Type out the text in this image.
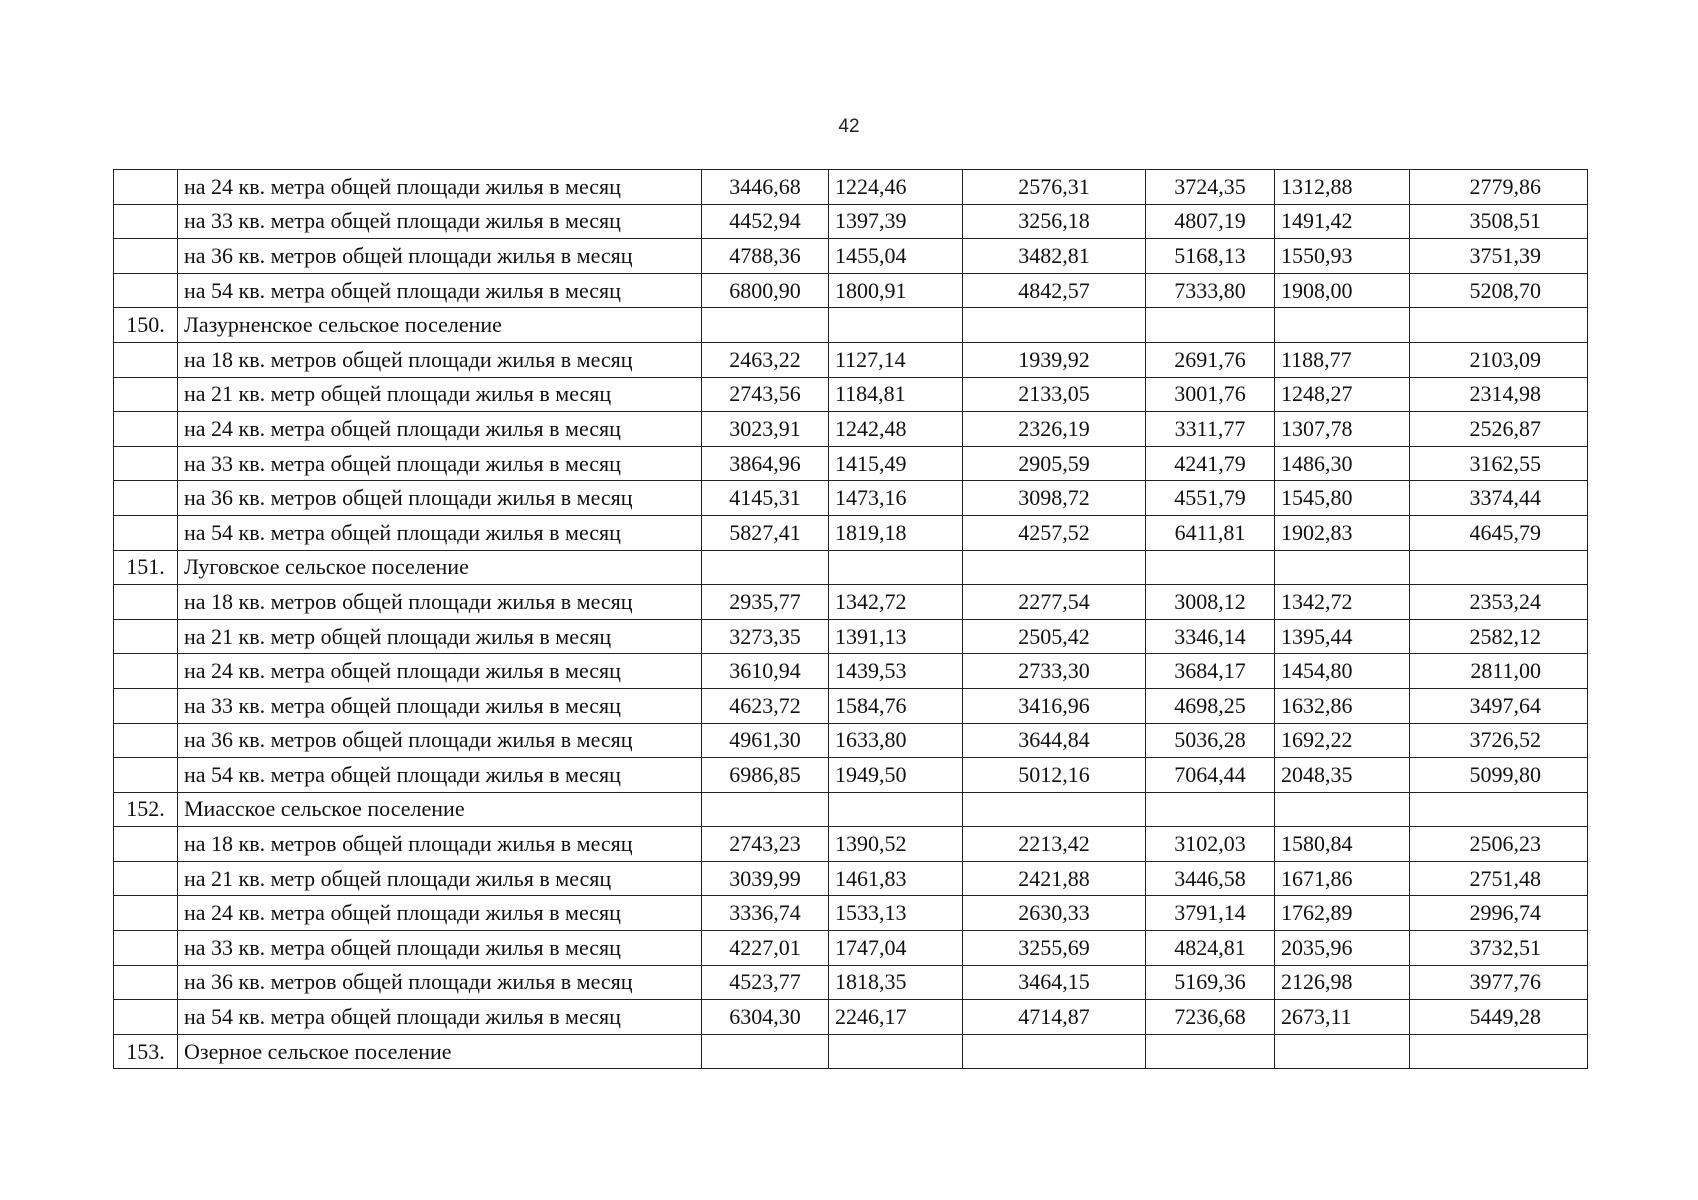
42
	на 24 кв. метра общей площади жилья в месяц	3446,68	1224,46	2576,31	3724,35	1312,88	2779,86
	на 33 кв. метра общей площади жилья в месяц	4452,94	1397,39	3256,18	4807,19	1491,42	3508,51
	на 36 кв. метров общей площади жилья в месяц	4788,36	1455,04	3482,81	5168,13	1550,93	3751,39
	на 54 кв. метра общей площади жилья в месяц	6800,90	1800,91	4842,57	7333,80	1908,00	5208,70
150.	Лазурненское сельское поселение						
	на 18 кв. метров общей площади жилья в месяц	2463,22	1127,14	1939,92	2691,76	1188,77	2103,09
	на 21 кв. метр общей площади жилья в месяц	2743,56	1184,81	2133,05	3001,76	1248,27	2314,98
	на 24 кв. метра общей площади жилья в месяц	3023,91	1242,48	2326,19	3311,77	1307,78	2526,87
	на 33 кв. метра общей площади жилья в месяц	3864,96	1415,49	2905,59	4241,79	1486,30	3162,55
	на 36 кв. метров общей площади жилья в месяц	4145,31	1473,16	3098,72	4551,79	1545,80	3374,44
	на 54 кв. метра общей площади жилья в месяц	5827,41	1819,18	4257,52	6411,81	1902,83	4645,79
151.	Луговское сельское поселение						
	на 18 кв. метров общей площади жилья в месяц	2935,77	1342,72	2277,54	3008,12	1342,72	2353,24
	на 21 кв. метр общей площади жилья в месяц	3273,35	1391,13	2505,42	3346,14	1395,44	2582,12
	на 24 кв. метра общей площади жилья в месяц	3610,94	1439,53	2733,30	3684,17	1454,80	2811,00
	на 33 кв. метра общей площади жилья в месяц	4623,72	1584,76	3416,96	4698,25	1632,86	3497,64
	на 36 кв. метров общей площади жилья в месяц	4961,30	1633,80	3644,84	5036,28	1692,22	3726,52
	на 54 кв. метра общей площади жилья в месяц	6986,85	1949,50	5012,16	7064,44	2048,35	5099,80
152.	Миасское сельское поселение						
	на 18 кв. метров общей площади жилья в месяц	2743,23	1390,52	2213,42	3102,03	1580,84	2506,23
	на 21 кв. метр общей площади жилья в месяц	3039,99	1461,83	2421,88	3446,58	1671,86	2751,48
	на 24 кв. метра общей площади жилья в месяц	3336,74	1533,13	2630,33	3791,14	1762,89	2996,74
	на 33 кв. метра общей площади жилья в месяц	4227,01	1747,04	3255,69	4824,81	2035,96	3732,51
	на 36 кв. метров общей площади жилья в месяц	4523,77	1818,35	3464,15	5169,36	2126,98	3977,76
	на 54 кв. метра общей площади жилья в месяц	6304,30	2246,17	4714,87	7236,68	2673,11	5449,28
153.	Озерное сельское поселение						
